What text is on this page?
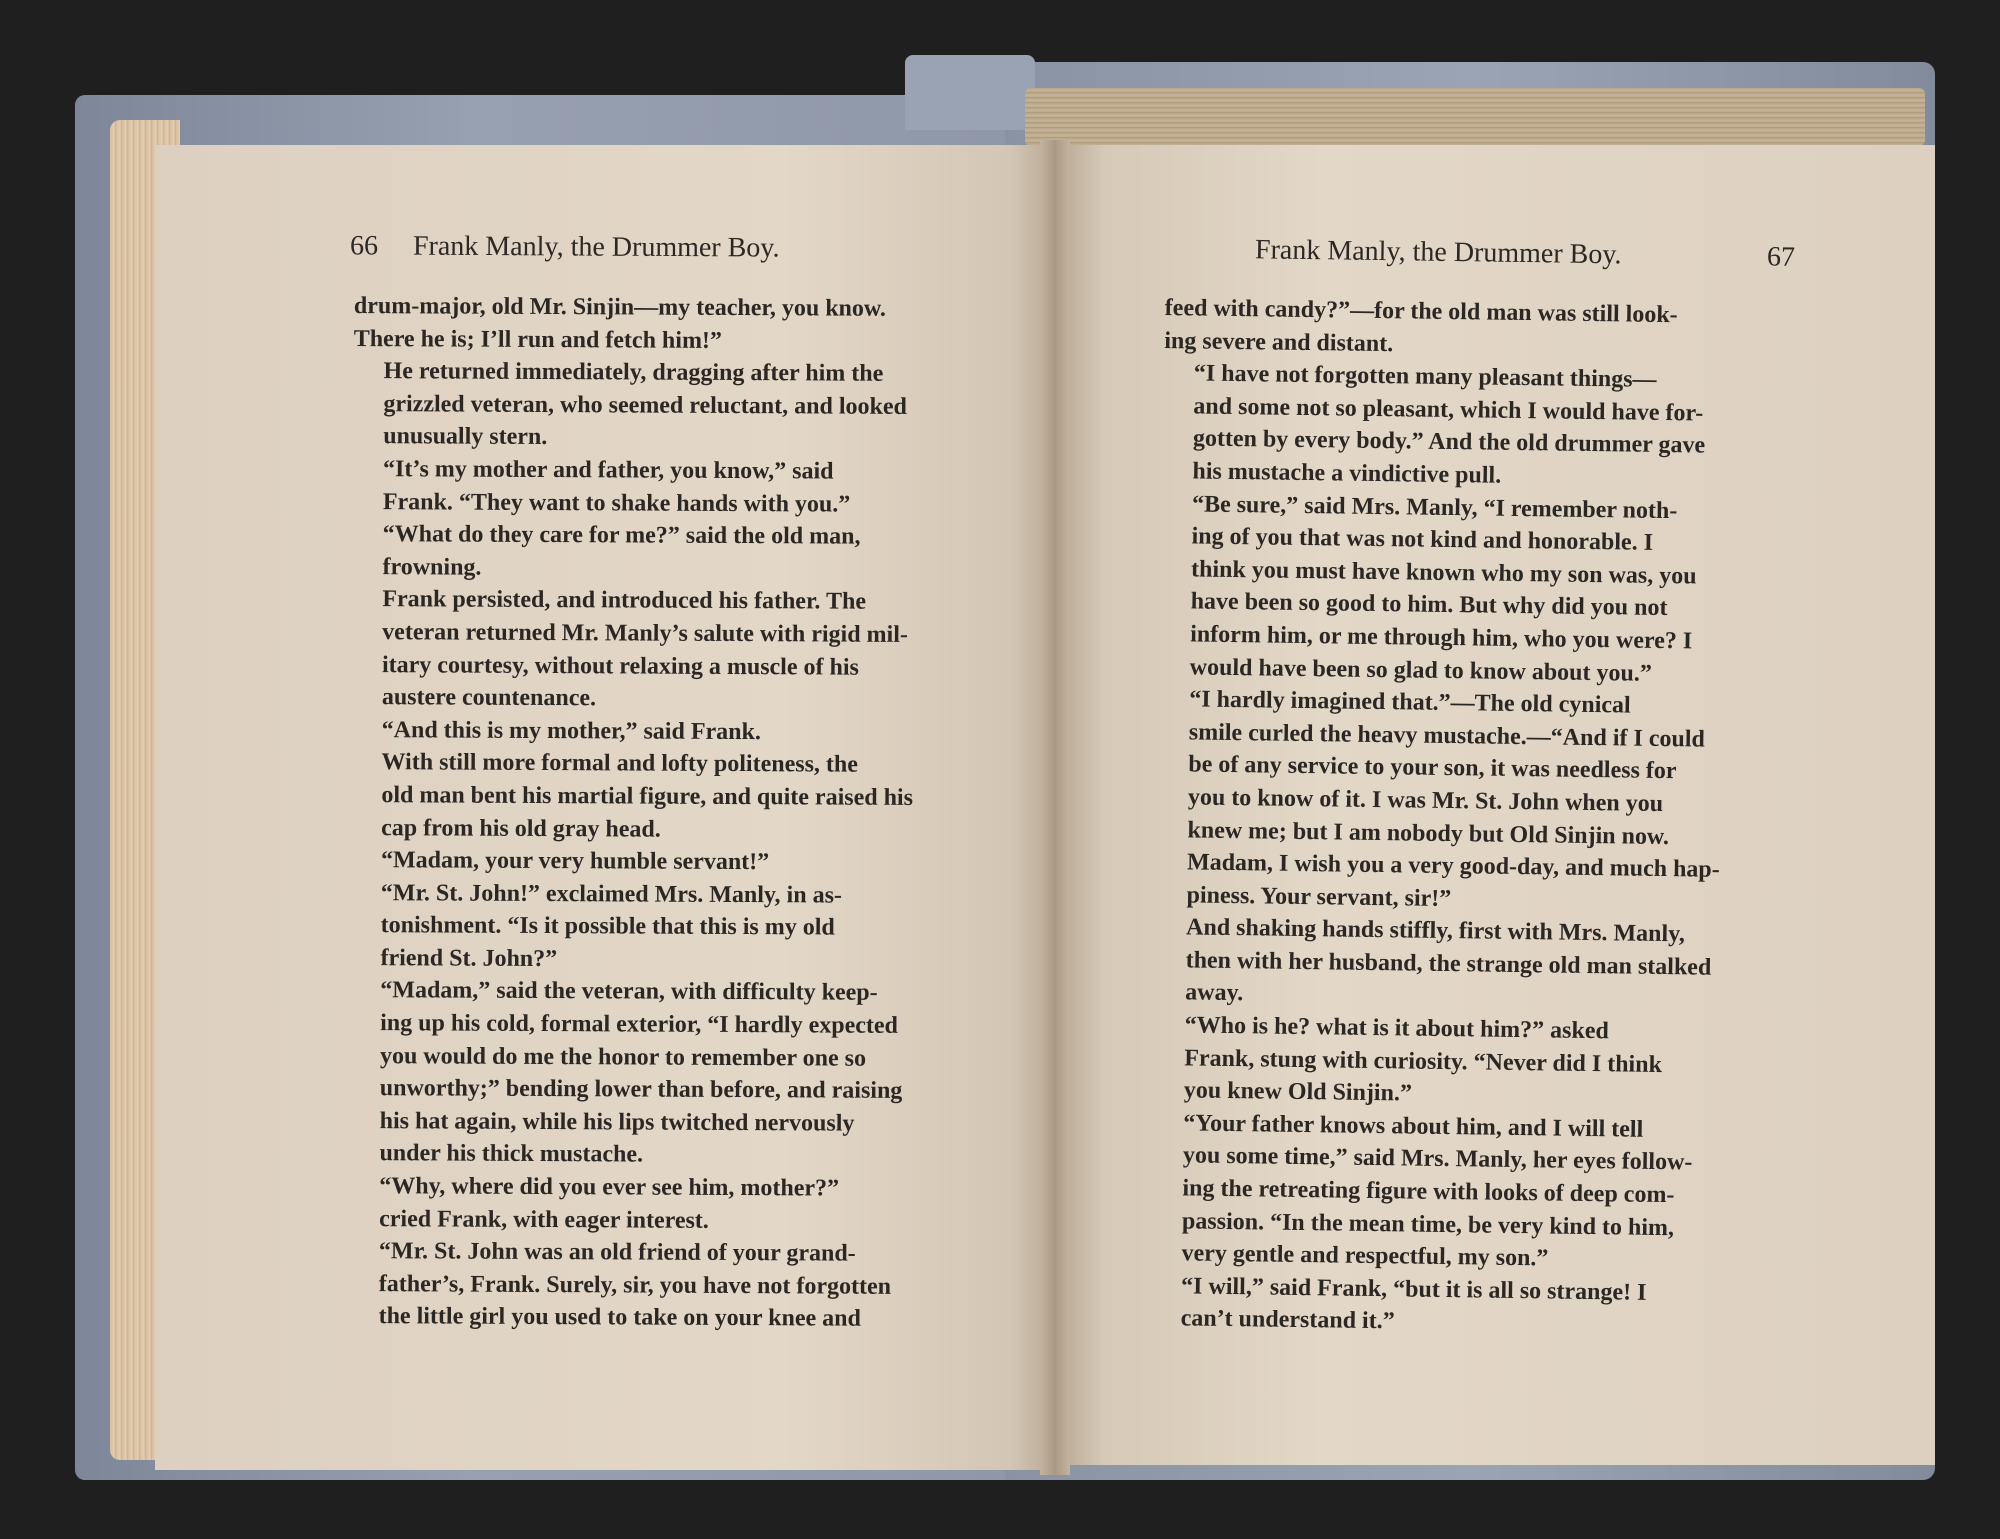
66 Frank Manly, the Drummer Boy.

drum-major, old Mr. Sinjin—my teacher, you know.
There he is; I’ll run and fetch him!”

He returned immediately, dragging after him the
grizzled veteran, who seemed reluctant, and looked
unusually stern.

“It’s my mother and father, you know,” said
Frank. “They want to shake hands with you.”

“What do they care for me?” said the old man,
frowning.

Frank persisted, and introduced his father. The
veteran returned Mr. Manly’s salute with rigid mil-
itary courtesy, without relaxing a muscle of his
austere countenance.

“And this is my mother,” said Frank.

With still more formal and lofty politeness, the
old man bent his martial figure, and quite raised his
cap from his old gray head.

“Madam, your very humble servant!”

“Mr. St. John!” exclaimed Mrs. Manly, in as-
tonishment. “Is it possible that this is my old
friend St. John?”

“Madam,” said the veteran, with difficulty keep-
ing up his cold, formal exterior, “I hardly expected
you would do me the honor to remember one so
unworthy;” bending lower than before, and raising
his hat again, while his lips twitched nervously
under his thick mustache.

“Why, where did you ever see him, mother?”
cried Frank, with eager interest.

“Mr. St. John was an old friend of your grand-
father’s, Frank. Surely, sir, you have not forgotten
the little girl you used to take on your knee and

Frank Manly, the Drummer Boy.	67

feed with candy?”—for the old man was still look-
ing severe and distant.

“I have not forgotten many pleasant things—
and some not so pleasant, which I would have for-
gotten by every body.” And the old drummer gave
his mustache a vindictive pull.

“Be sure,” said Mrs. Manly, “I remember noth-
ing of you that was not kind and honorable. I
think you must have known who my son was, you
have been so good to him. But why did you not
inform him, or me through him, who you were? I
would have been so glad to know about you.”

“I hardly imagined that.”—The old cynical
smile curled the heavy mustache.—“And if I could
be of any service to your son, it was needless for
you to know of it. I was Mr. St. John when you
knew me; but I am nobody but Old Sinjin now.
Madam, I wish you a very good-day, and much hap-
piness. Your servant, sir!”

And shaking hands stiffly, first with Mrs. Manly,
then with her husband, the strange old man stalked
away.

“Who is he? what is it about him?” asked
Frank, stung with curiosity. “Never did I think
you knew Old Sinjin.”

“Your father knows about him, and I will tell
you some time,” said Mrs. Manly, her eyes follow-
ing the retreating figure with looks of deep com-
passion. “In the mean time, be very kind to him,
very gentle and respectful, my son.”

“I will,” said Frank, “but it is all so strange! I
can’t understand it.”
